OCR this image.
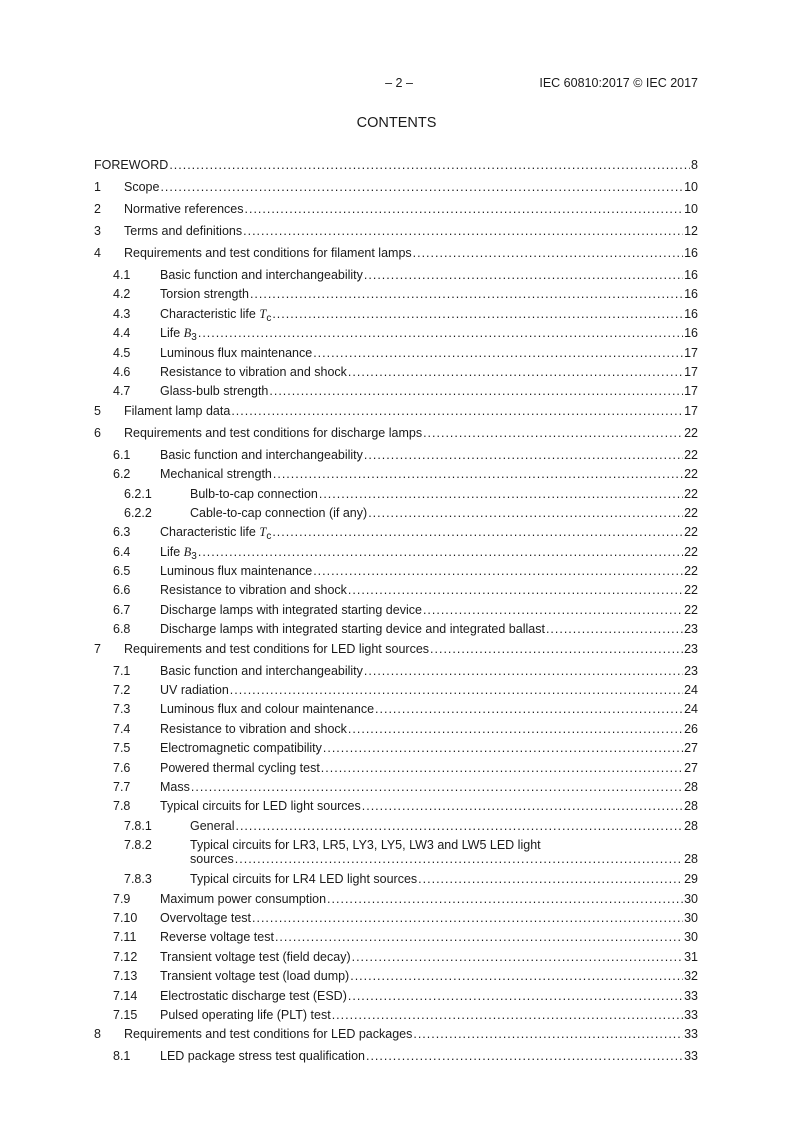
– 2 –	IEC 60810:2017 © IEC 2017
CONTENTS
FOREWORD .....	8
1 Scope .....	10
2 Normative references .....	10
3 Terms and definitions .....	12
4 Requirements and test conditions for filament lamps .....	16
4.1 Basic function and interchangeability .....	16
4.2 Torsion strength .....	16
4.3 Characteristic life $T_c$ .....	16
4.4 Life $B_3$ .....	16
4.5 Luminous flux maintenance .....	17
4.6 Resistance to vibration and shock .....	17
4.7 Glass-bulb strength .....	17
5 Filament lamp data .....	17
6 Requirements and test conditions for discharge lamps .....	22
6.1 Basic function and interchangeability .....	22
6.2 Mechanical strength .....	22
6.2.1	Bulb-to-cap connection .....	22
6.2.2	Cable-to-cap connection (if any) .....	22
6.3 Characteristic life $T_c$ .....	22
6.4 Life $B_3$ .....	22
6.5 Luminous flux maintenance .....	22
6.6 Resistance to vibration and shock .....	22
6.7 Discharge lamps with integrated starting device .....	22
6.8 Discharge lamps with integrated starting device and integrated ballast .....	23
7 Requirements and test conditions for LED light sources .....	23
7.1 Basic function and interchangeability .....	23
7.2 UV radiation .....	24
7.3 Luminous flux and colour maintenance .....	24
7.4 Resistance to vibration and shock .....	26
7.5 Electromagnetic compatibility .....	27
7.6 Powered thermal cycling test .....	27
7.7 Mass .....	28
7.8 Typical circuits for LED light sources .....	28
7.8.1	General .....	28
7.8.2	Typical circuits for LR3, LR5, LY3, LY5, LW3 and LW5 LED light
sources .....	28
7.8.3	Typical circuits for LR4 LED light sources .....	29
7.9 Maximum power consumption .....	30
7.10 Overvoltage test .....	30
7.11 Reverse voltage test .....	30
7.12 Transient voltage test (field decay) .....	31
7.13 Transient voltage test (load dump) .....	32
7.14 Electrostatic discharge test (ESD) .....	33
7.15 Pulsed operating life (PLT) test .....	33
8 Requirements and test conditions for LED packages .....	33
8.1 LED package stress test qualification .....	33
